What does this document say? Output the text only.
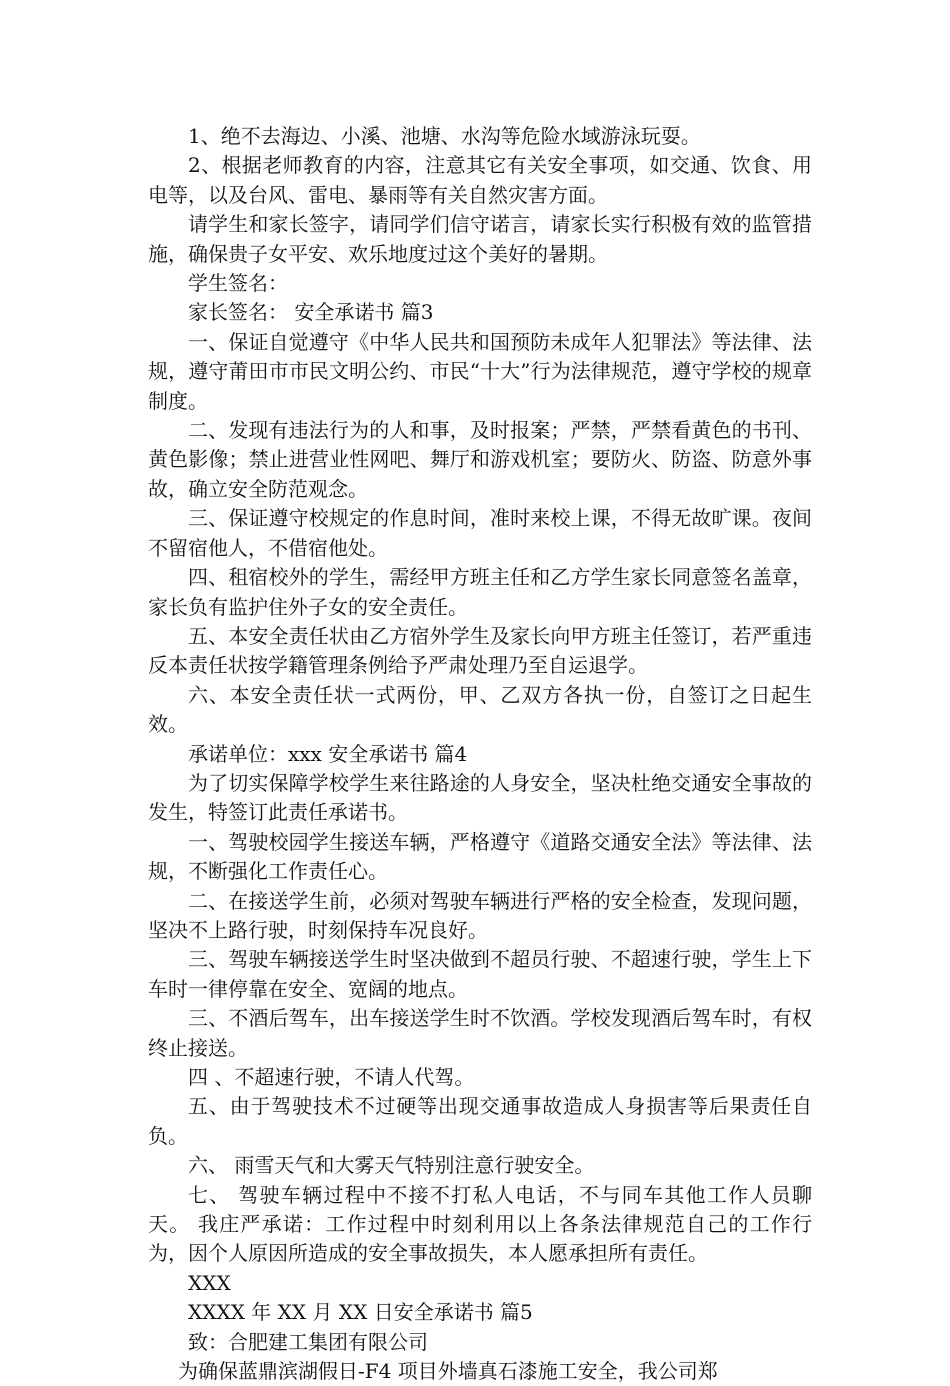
1、绝不去海边、小溪、池塘、水沟等危险水域游泳玩耍。

2、根据老师教育的内容，注意其它有关安全事项，如交通、饮食、用电等，以及台风、雷电、暴雨等有关自然灾害方面。

请学生和家长签字，请同学们信守诺言，请家长实行积极有效的监管措施，确保贵子女平安、欢乐地度过这个美好的暑期。

学生签名：

家长签名： 安全承诺书 篇3

一、保证自觉遵守《中华人民共和国预防未成年人犯罪法》等法律、法规，遵守莆田市市民文明公约、市民“十大”行为法律规范，遵守学校的规章制度。

二、发现有违法行为的人和事，及时报案；严禁，严禁看黄色的书刊、黄色影像；禁止进营业性网吧、舞厅和游戏机室；要防火、防盗、防意外事故，确立安全防范观念。

三、保证遵守校规定的作息时间，准时来校上课，不得无故旷课。夜间不留宿他人，不借宿他处。

四、租宿校外的学生，需经甲方班主任和乙方学生家长同意签名盖章，家长负有监护住外子女的安全责任。

五、本安全责任状由乙方宿外学生及家长向甲方班主任签订，若严重违反本责任状按学籍管理条例给予严肃处理乃至自运退学。

六、本安全责任状一式两份，甲、乙双方各执一份，自签订之日起生效。

承诺单位：xxx 安全承诺书 篇4

为了切实保障学校学生来往路途的人身安全，坚决杜绝交通安全事故的发生，特签订此责任承诺书。

一、驾驶校园学生接送车辆，严格遵守《道路交通安全法》等法律、法规，不断强化工作责任心。

二、在接送学生前，必须对驾驶车辆进行严格的安全检查，发现问题，坚决不上路行驶，时刻保持车况良好。

三、驾驶车辆接送学生时坚决做到不超员行驶、不超速行驶，学生上下车时一律停靠在安全、宽阔的地点。

三、不酒后驾车，出车接送学生时不饮酒。学校发现酒后驾车时，有权终止接送。

四 、不超速行驶，不请人代驾。

五、由于驾驶技术不过硬等出现交通事故造成人身损害等后果责任自负。

六、 雨雪天气和大雾天气特别注意行驶安全。

七、 驾驶车辆过程中不接不打私人电话，不与同车其他工作人员聊天。 我庄严承诺：工作过程中时刻利用以上各条法律规范自己的工作行为，因个人原因所造成的安全事故损失，本人愿承担所有责任。

XXX

XXXX 年 XX 月 XX 日安全承诺书 篇5

致：合肥建工集团有限公司

为确保蓝鼎滨湖假日-F4 项目外墙真石漆施工安全，我公司郑
